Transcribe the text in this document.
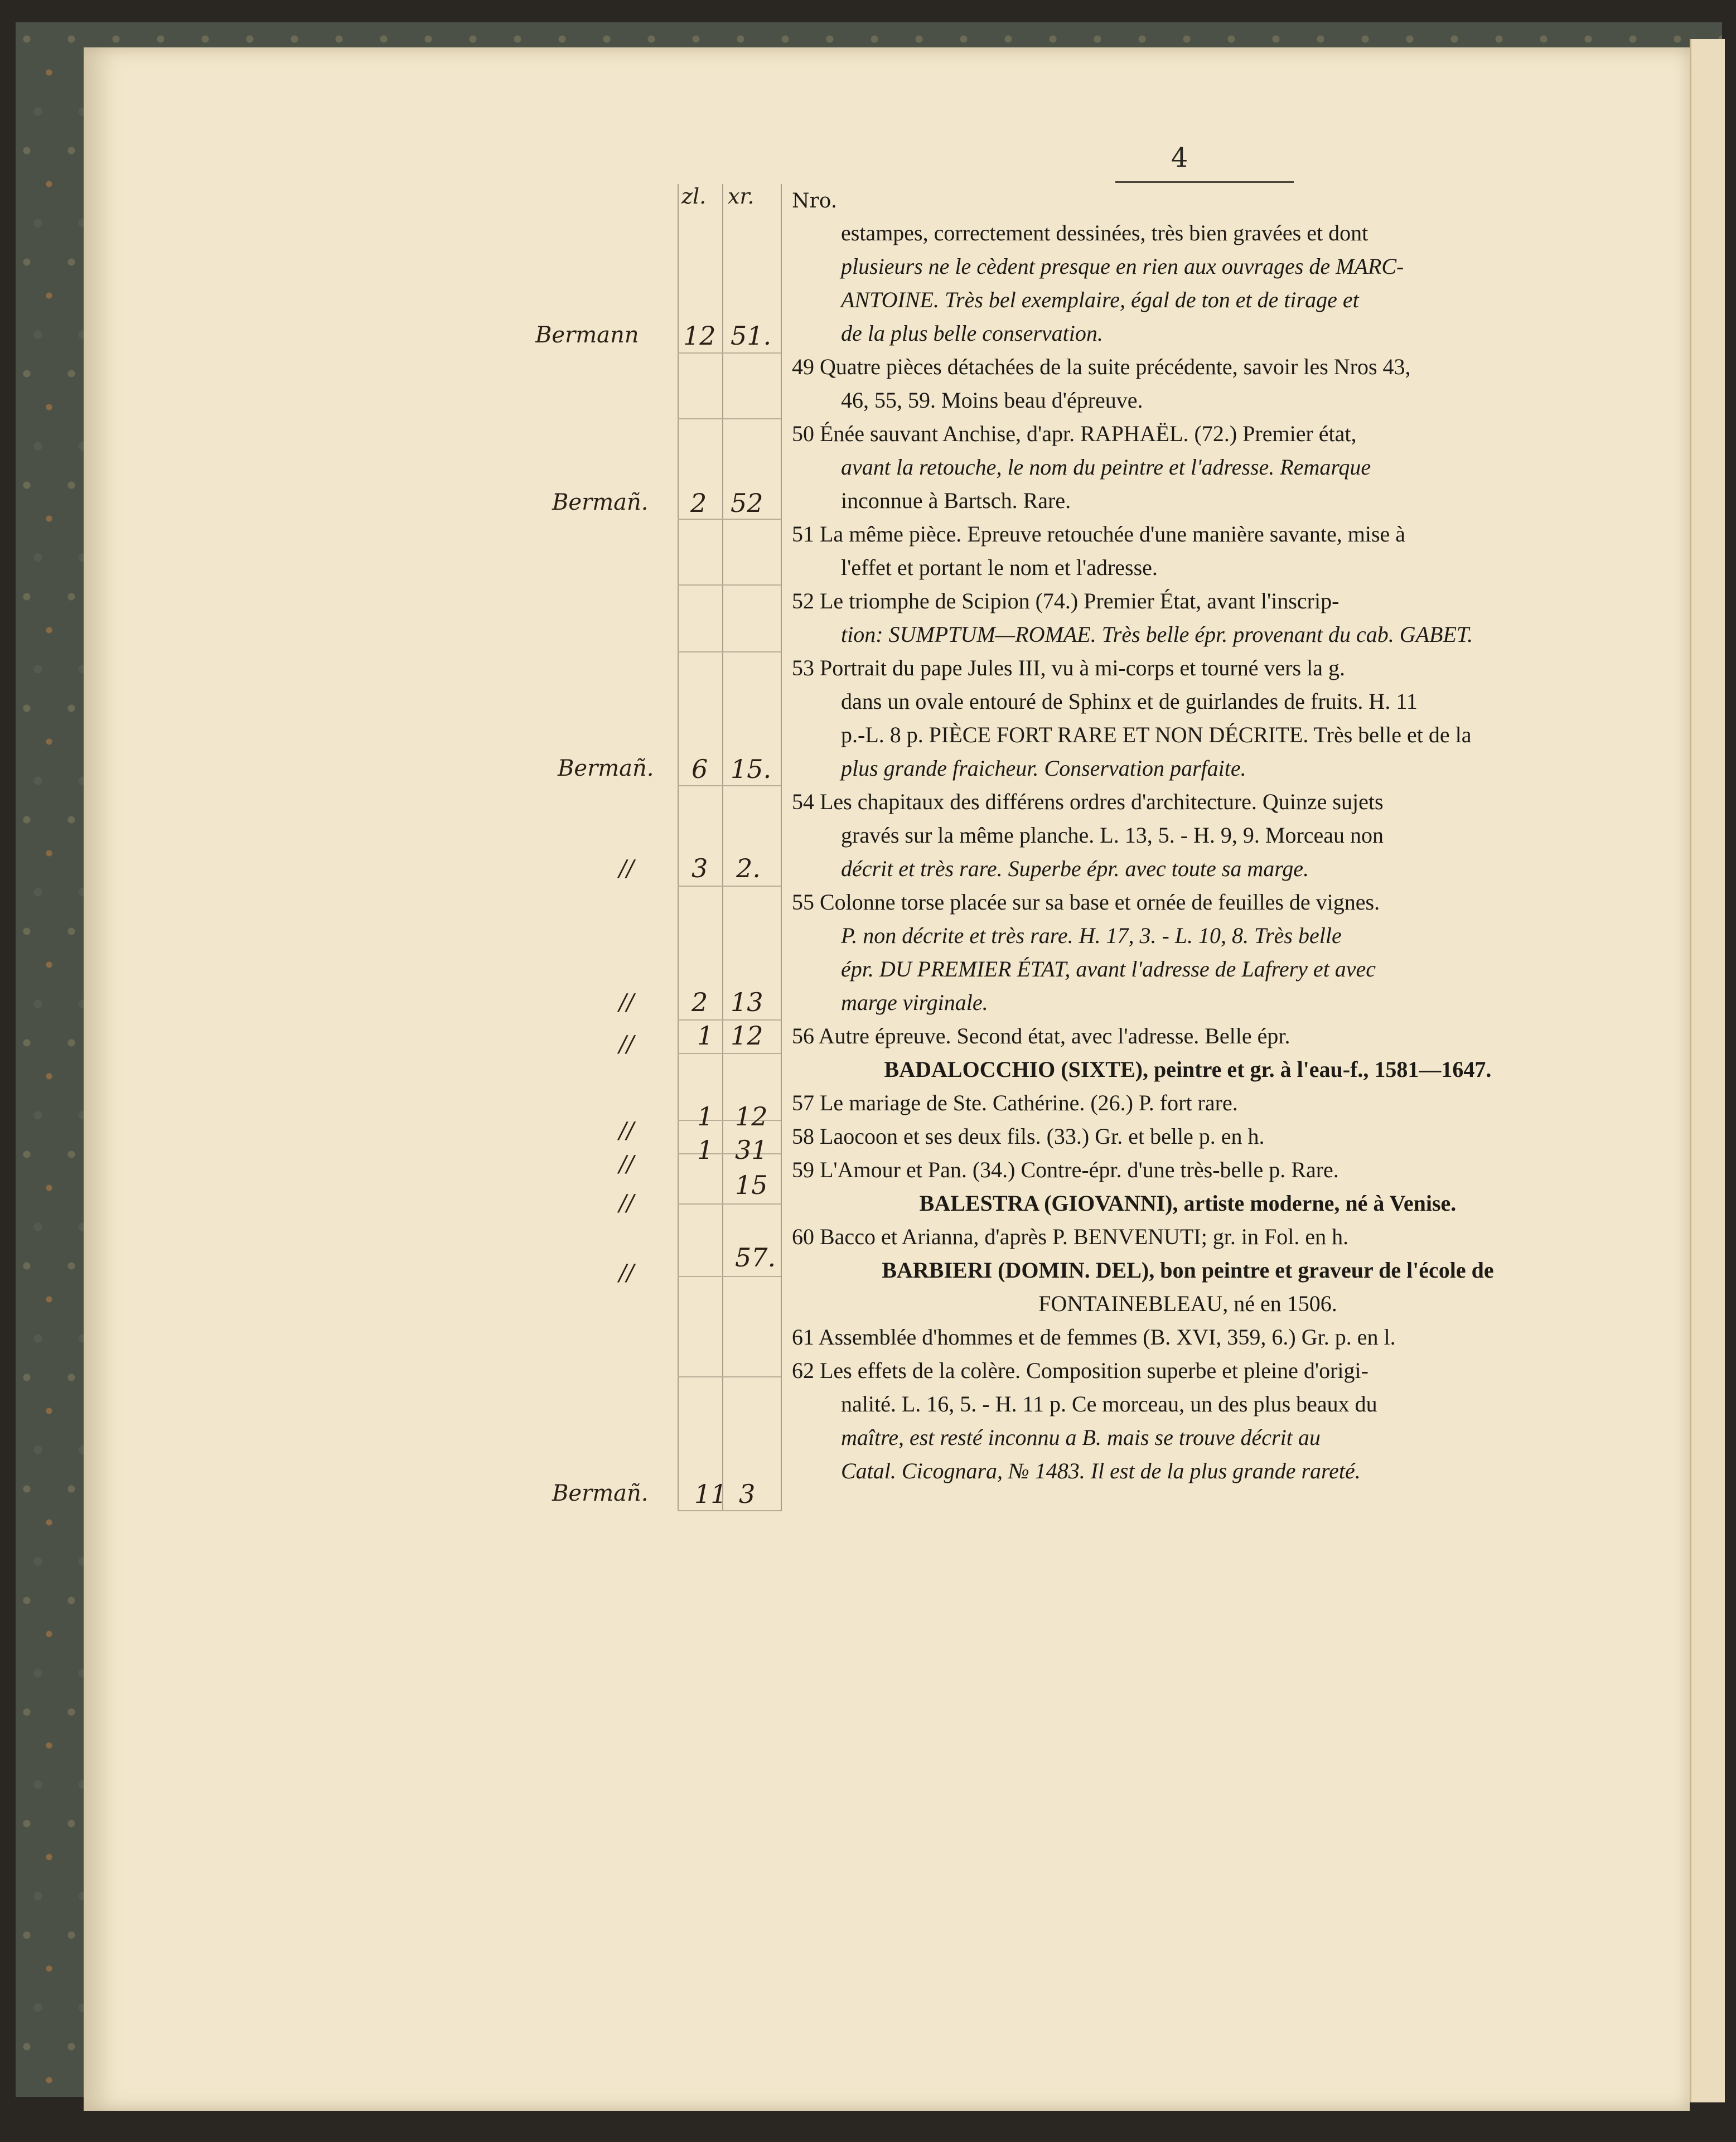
4
zl. xr. Nro.
estampes, correctement dessinées, très bien gravées et dont
plusieurs ne le cèdent presque en rien aux ouvrages de MARC-
ANTOINE. Très bel exemplaire, égal de ton et de tirage et
de la plus belle conservation.
49 Quatre pièces détachées de la suite précédente, savoir les Nros 43,
46, 55, 59. Moins beau d'épreuve.
50 Énée sauvant Anchise, d'apr. RAPHAËL. (72.) Premier état,
avant la retouche, le nom du peintre et l'adresse. Remarque
inconnue à Bartsch. Rare.
51 La même pièce. Epreuve retouchée d'une manière savante, mise à
l'effet et portant le nom et l'adresse.
52 Le triomphe de Scipion (74.) Premier État, avant l'inscrip-
tion: SUMPTUM—ROMAE. Très belle épr. provenant du cab. GABET.
53 Portrait du pape Jules III, vu à mi-corps et tourné vers la g.
dans un ovale entouré de Sphinx et de guirlandes de fruits. H. 11
p.-L. 8 p. PIÈCE FORT RARE ET NON DÉCRITE. Très belle et de la
plus grande fraicheur. Conservation parfaite.
54 Les chapitaux des différens ordres d'architecture. Quinze sujets
gravés sur la même planche. L. 13, 5. - H. 9, 9. Morceau non
décrit et très rare. Superbe épr. avec toute sa marge.
55 Colonne torse placée sur sa base et ornée de feuilles de vignes.
P. non décrite et très rare. H. 17, 3. - L. 10, 8. Très belle
épr. DU PREMIER ÉTAT, avant l'adresse de Lafrery et avec
marge virginale.
56 Autre épreuve. Second état, avec l'adresse. Belle épr.
BADALOCCHIO (SIXTE), peintre et gr. à l'eau-f., 1581—1647.
57 Le mariage de Ste. Cathérine. (26.) P. fort rare.
58 Laocoon et ses deux fils. (33.) Gr. et belle p. en h.
59 L'Amour et Pan. (34.) Contre-épr. d'une très-belle p. Rare.
BALESTRA (GIOVANNI), artiste moderne, né à Venise.
60 Bacco et Arianna, d'après P. BENVENUTI; gr. in Fol. en h.
BARBIERI (DOMIN. DEL), bon peintre et graveur de l'école de
FONTAINEBLEAU, né en 1506.
61 Assemblée d'hommes et de femmes (B. XVI, 359, 6.) Gr. p. en l.
62 Les effets de la colère. Composition superbe et pleine d'origi-
nalité. L. 16, 5. - H. 11 p. Ce morceau, un des plus beaux du
maître, est resté inconnu a B. mais se trouve décrit au
Catal. Cicognara, № 1483. Il est de la plus grande rareté.
Bermann 12 51.
Bermañ. 2 52
Bermañ. 6 15.
// 3 2.
// 2 13
// 1 12
// 1 12
// 1 31
//
15
//
57.
Bermañ. 11 3
